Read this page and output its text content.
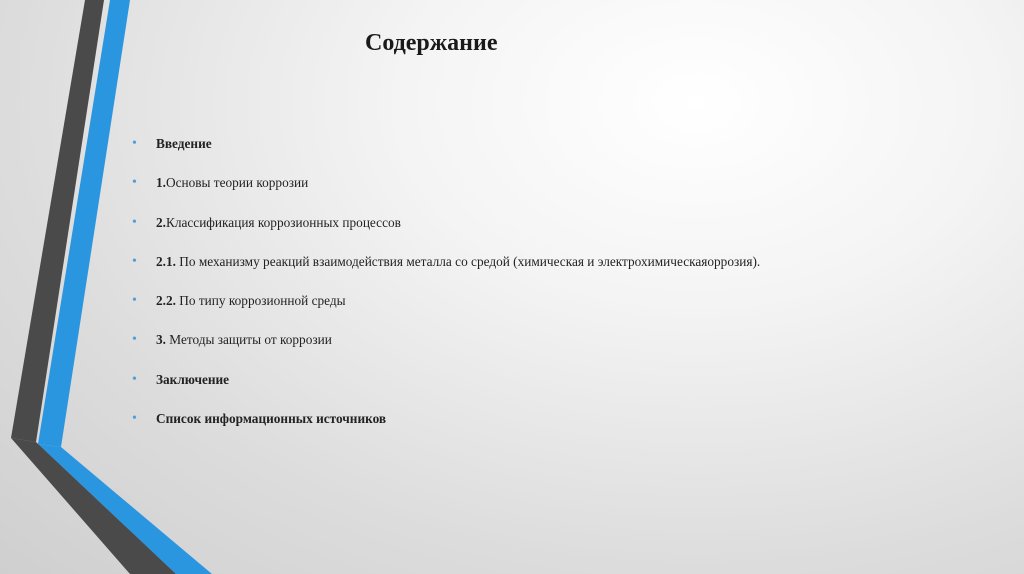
Содержание
• Введение
• 1.Основы теории коррозии
• 2.Классификация коррозионных процессов
• 2.1. По механизму реакций взаимодействия металла со средой (химическая и электрохимическаяоррозия).
• 2.2. По типу коррозионной среды
• 3. Методы защиты от коррозии
• Заключение
• Список информационных источников
